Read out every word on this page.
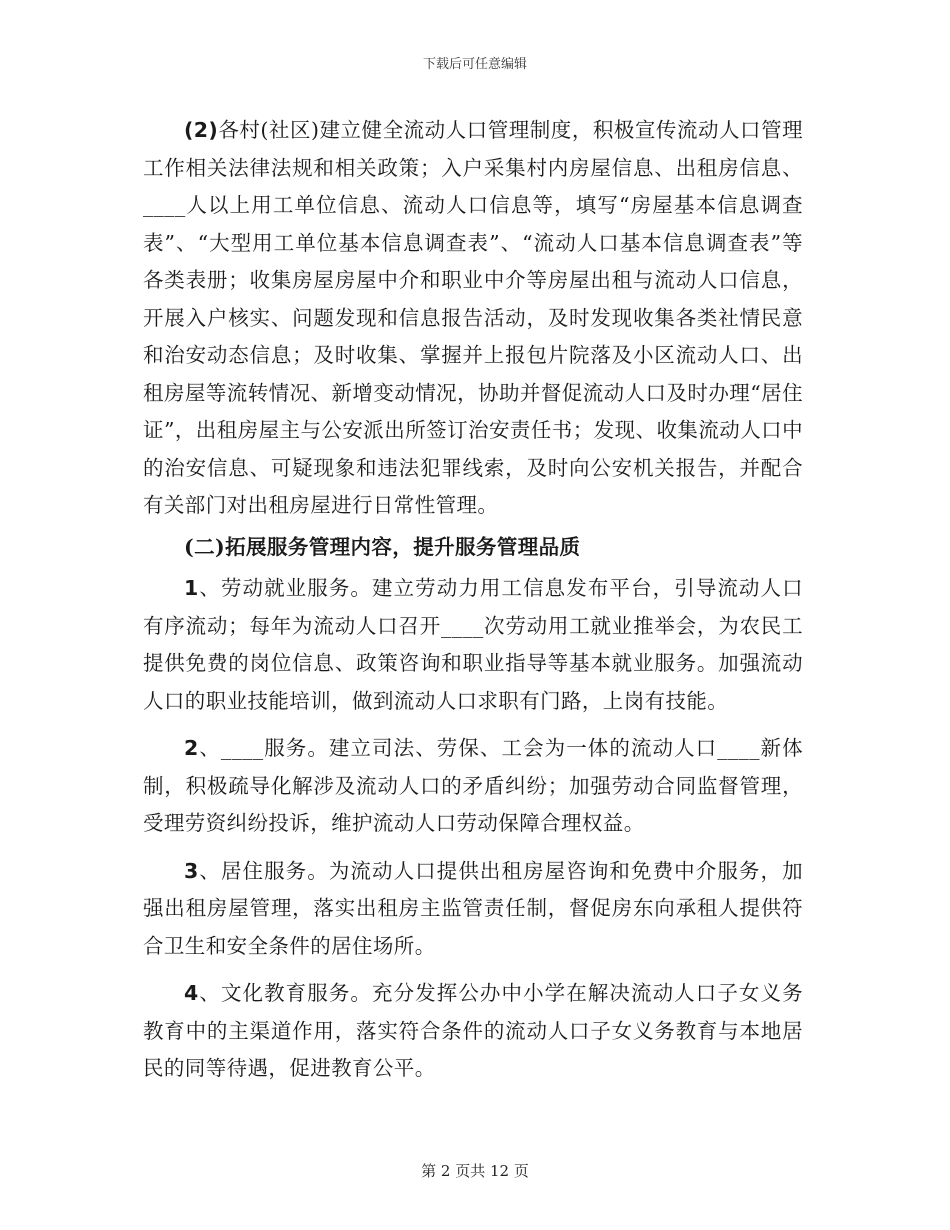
下载后可任意编辑

(2)各村(社区)建立健全流动人口管理制度，积极宣传流动人口管理工作相关法律法规和相关政策；入户采集村内房屋信息、出租房信息、____人以上用工单位信息、流动人口信息等，填写“房屋基本信息调查表”、“大型用工单位基本信息调查表”、“流动人口基本信息调查表”等各类表册；收集房屋房屋中介和职业中介等房屋出租与流动人口信息，开展入户核实、问题发现和信息报告活动，及时发现收集各类社情民意和治安动态信息；及时收集、掌握并上报包片院落及小区流动人口、出租房屋等流转情况、新增变动情况，协助并督促流动人口及时办理“居住证”，出租房屋主与公安派出所签订治安责任书；发现、收集流动人口中的治安信息、可疑现象和违法犯罪线索，及时向公安机关报告，并配合有关部门对出租房屋进行日常性管理。

(二)拓展服务管理内容，提升服务管理品质

1、劳动就业服务。建立劳动力用工信息发布平台，引导流动人口有序流动；每年为流动人口召开____次劳动用工就业推举会，为农民工提供免费的岗位信息、政策咨询和职业指导等基本就业服务。加强流动人口的职业技能培训，做到流动人口求职有门路，上岗有技能。

2、____服务。建立司法、劳保、工会为一体的流动人口____新体制，积极疏导化解涉及流动人口的矛盾纠纷；加强劳动合同监督管理，受理劳资纠纷投诉，维护流动人口劳动保障合理权益。

3、居住服务。为流动人口提供出租房屋咨询和免费中介服务，加强出租房屋管理，落实出租房主监管责任制，督促房东向承租人提供符合卫生和安全条件的居住场所。

4、文化教育服务。充分发挥公办中小学在解决流动人口子女义务教育中的主渠道作用，落实符合条件的流动人口子女义务教育与本地居民的同等待遇，促进教育公平。

第 2 页共 12 页
